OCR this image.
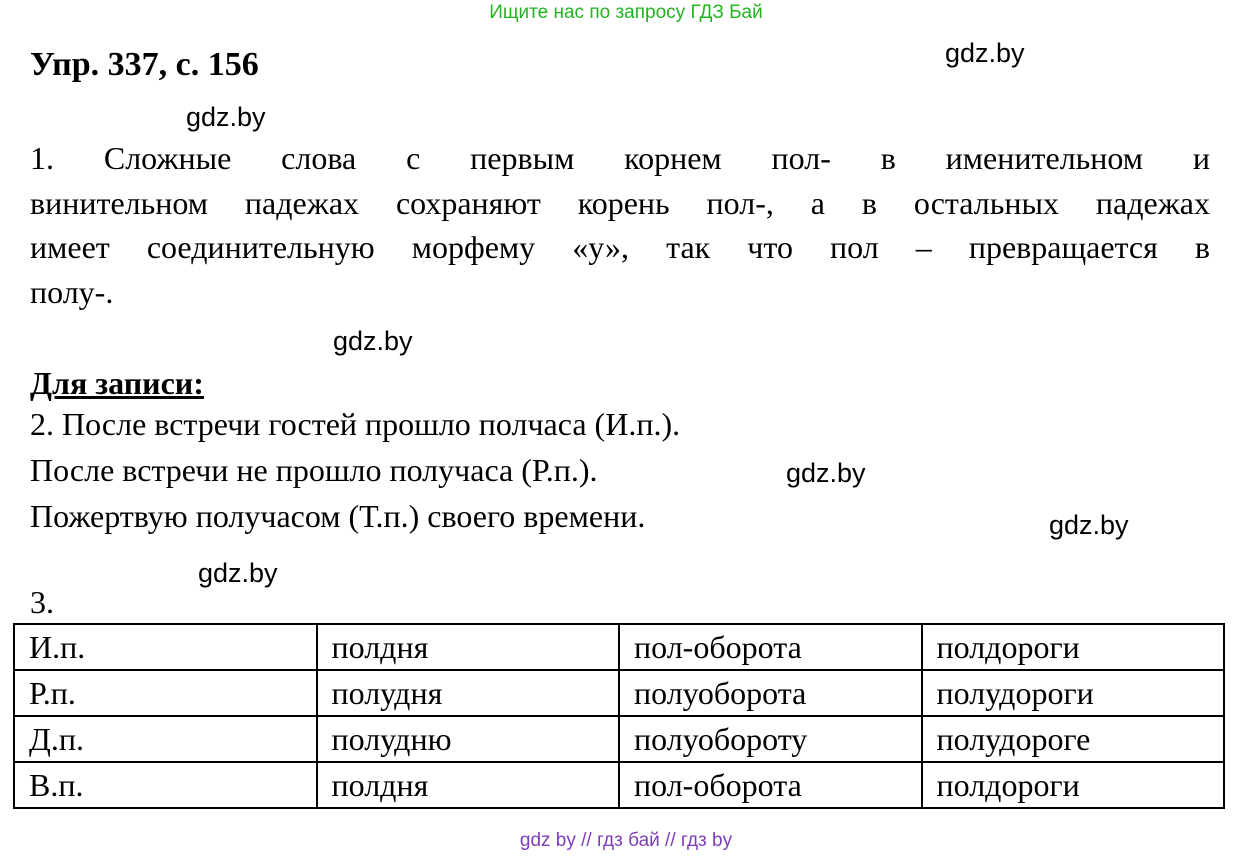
Ищите нас по запросу ГДЗ Бай
Упр. 337, с. 156	gdz.by
gdz.by
1. Сложные слова с первым корнем пол- в именительном и
винительном падежах сохраняют корень пол-, а в остальных падежах
имеет соединительную морфему «у», так что пол – превращается в
полу-.
gdz.by
Для записи:
2. После встречи гостей прошло полчаса (И.п.).
После встречи не прошло получаса (Р.п.).	gdz.by
Пожертвую получасом (Т.п.) своего времени.	gdz.by
gdz.by
3.
И.п.	полдня	пол-оборота	полдороги
Р.п.	полудня	полуоборота	полудороги
Д.п.	полудню	полуобороту	полудороге
В.п.	полдня	пол-оборота	полдороги
gdz by // гдз бай // гдз by
